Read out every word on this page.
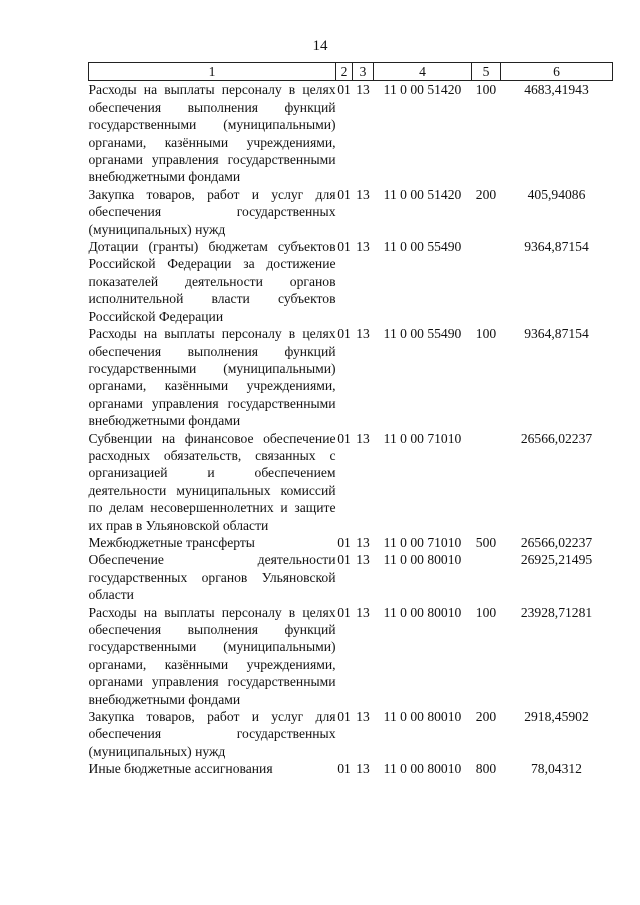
14
1	2	3	4	5	6
Расходы на выплаты персоналу в целях обеспечения выполнения функций государственными (муниципальными) органами, казёнными учреждениями, органами управления государственными внебюджетными фондами	01	13	11 0 00 51420	100	4683,41943
Закупка товаров, работ и услуг для обеспечения государственных (муниципальных) нужд	01	13	11 0 00 51420	200	405,94086
Дотации (гранты) бюджетам субъектов Российской Федерации за достижение показателей деятельности органов исполнительной власти субъектов Российской Федерации	01	13	11 0 00 55490		9364,87154
Расходы на выплаты персоналу в целях обеспечения выполнения функций государственными (муниципальными) органами, казёнными учреждениями, органами управления государственными внебюджетными фондами	01	13	11 0 00 55490	100	9364,87154
Субвенции на финансовое обеспечение расходных обязательств, связанных с организацией и обеспечением деятельности муниципальных комиссий по делам несовершеннолетних и защите их прав в Ульяновской области	01	13	11 0 00 71010		26566,02237
Межбюджетные трансферты	01	13	11 0 00 71010	500	26566,02237
Обеспечение деятельности государственных органов Ульяновской области	01	13	11 0 00 80010		26925,21495
Расходы на выплаты персоналу в целях обеспечения выполнения функций государственными (муниципальными) органами, казёнными учреждениями, органами управления государственными внебюджетными фондами	01	13	11 0 00 80010	100	23928,71281
Закупка товаров, работ и услуг для обеспечения государственных (муниципальных) нужд	01	13	11 0 00 80010	200	2918,45902
Иные бюджетные ассигнования	01	13	11 0 00 80010	800	78,04312
